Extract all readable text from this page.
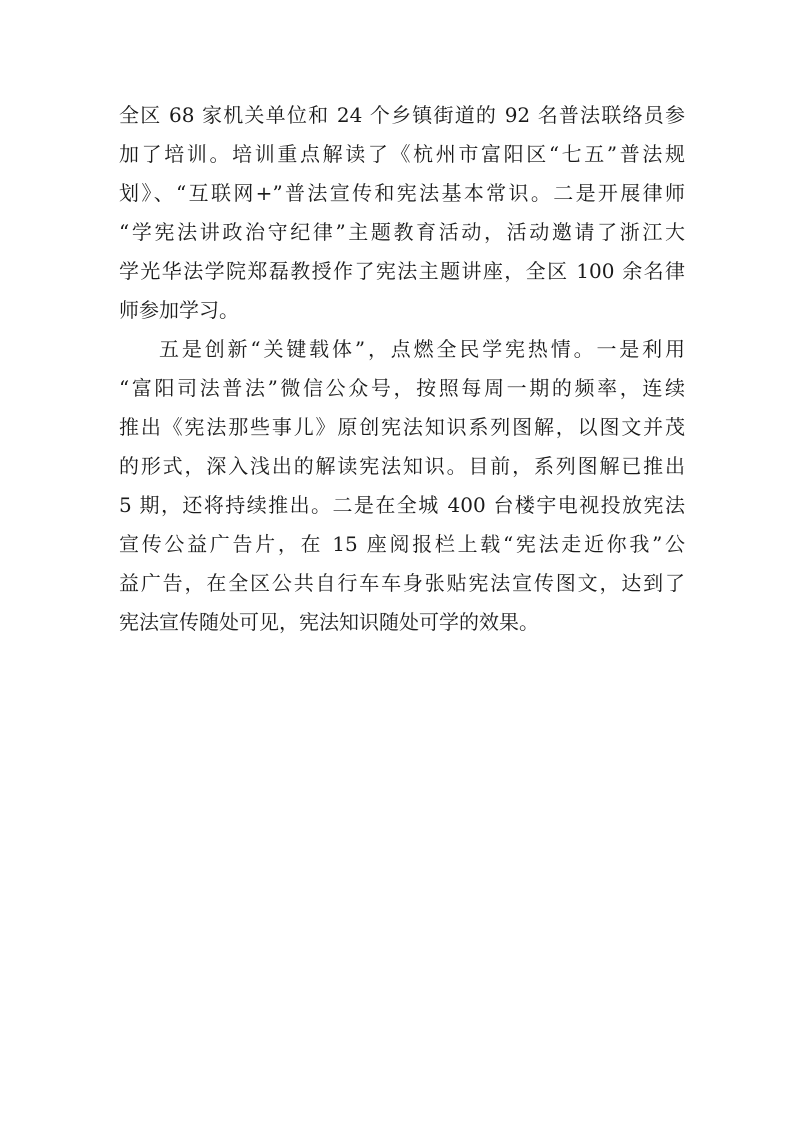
全区 68 家机关单位和 24 个乡镇街道的 92 名普法联络员参
加了培训。培训重点解读了《杭州市富阳区“七五”普法规
划》、“互联网+”普法宣传和宪法基本常识。二是开展律师
“学宪法讲政治守纪律”主题教育活动，活动邀请了浙江大
学光华法学院郑磊教授作了宪法主题讲座，全区 100 余名律
师参加学习。
五是创新“关键载体”，点燃全民学宪热情。一是利用
“富阳司法普法”微信公众号，按照每周一期的频率，连续
推出《宪法那些事儿》原创宪法知识系列图解，以图文并茂
的形式，深入浅出的解读宪法知识。目前，系列图解已推出
5 期，还将持续推出。二是在全城 400 台楼宇电视投放宪法
宣传公益广告片，在 15 座阅报栏上载“宪法走近你我”公
益广告，在全区公共自行车车身张贴宪法宣传图文，达到了
宪法宣传随处可见，宪法知识随处可学的效果。
